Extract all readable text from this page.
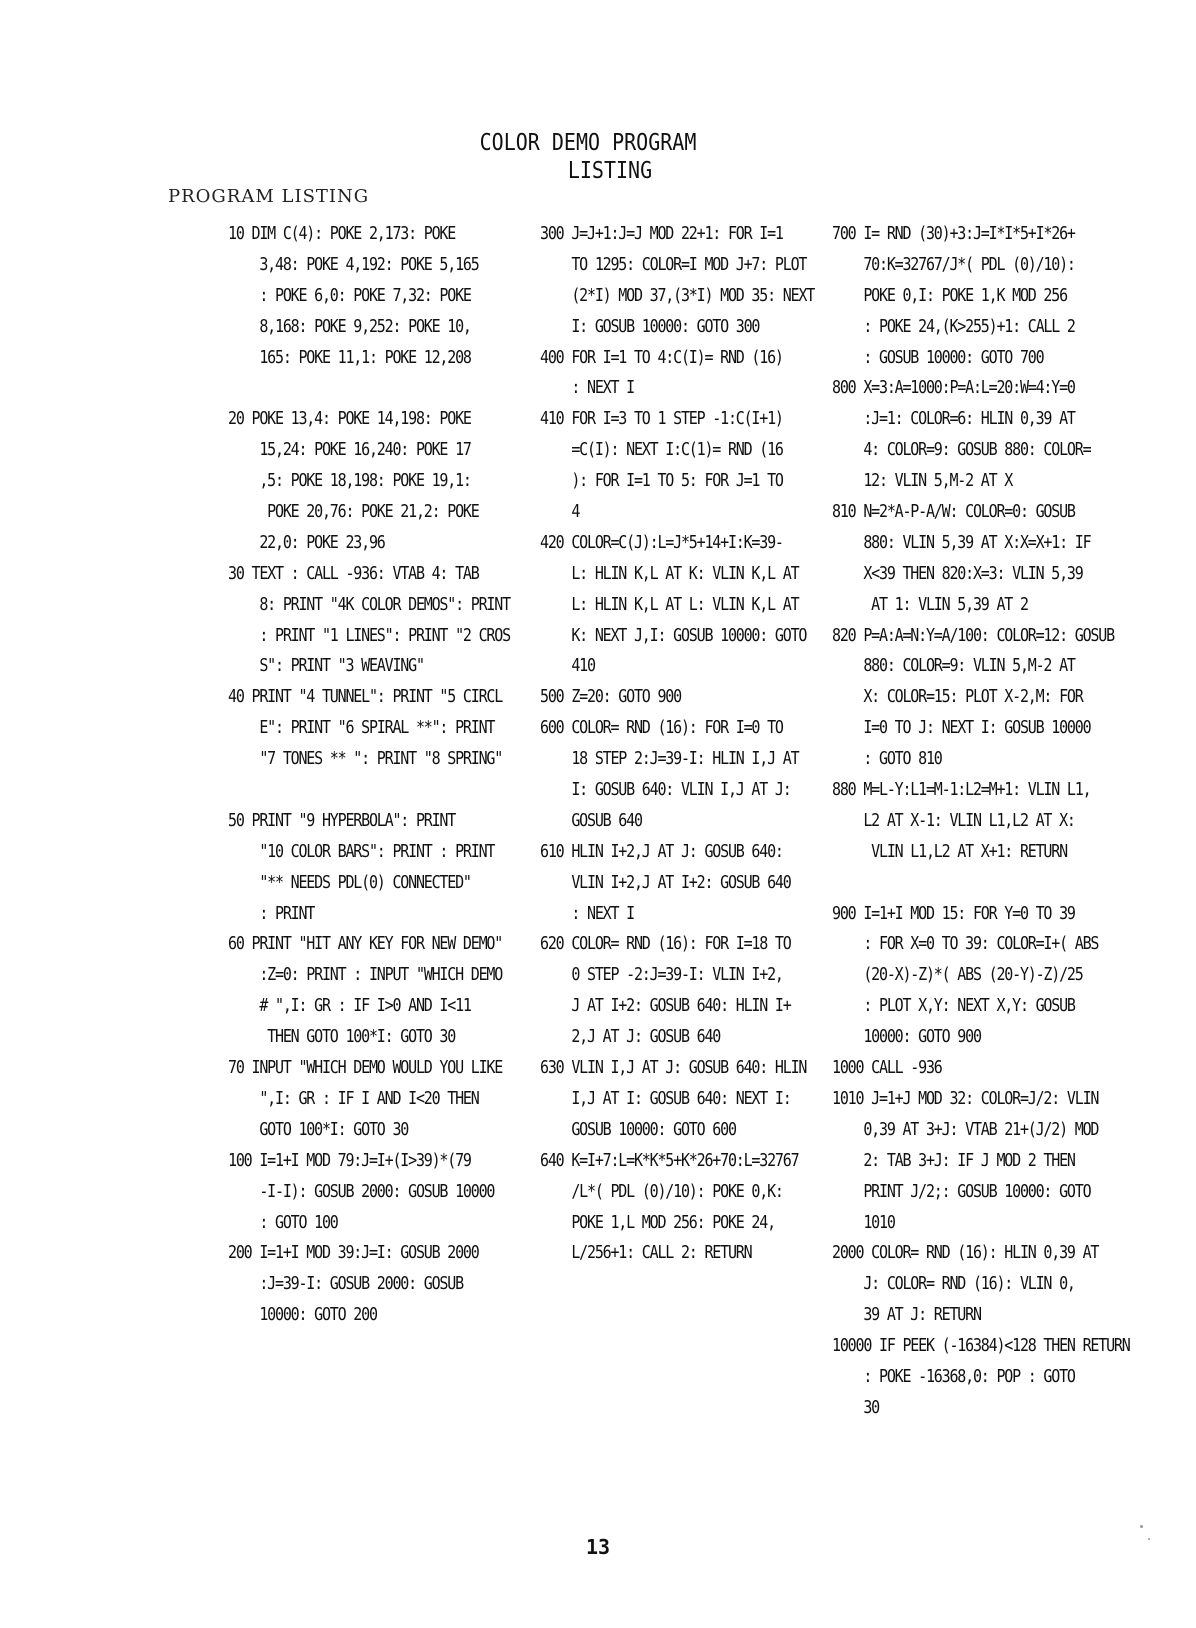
COLOR DEMO PROGRAM
LISTING
PROGRAM LISTING
10 DIM C(4): POKE 2,173: POKE
3,48: POKE 4,192: POKE 5,165
: POKE 6,0: POKE 7,32: POKE
8,168: POKE 9,252: POKE 10,
165: POKE 11,1: POKE 12,208
20 POKE 13,4: POKE 14,198: POKE
15,24: POKE 16,240: POKE 17
,5: POKE 18,198: POKE 19,1:
POKE 20,76: POKE 21,2: POKE
22,0: POKE 23,96
30 TEXT : CALL -936: VTAB 4: TAB
8: PRINT "4K COLOR DEMOS": PRINT
: PRINT "1 LINES": PRINT "2 CROS
S": PRINT "3 WEAVING"
40 PRINT "4 TUNNEL": PRINT "5 CIRCL
E": PRINT "6 SPIRAL **": PRINT
"7 TONES ** ": PRINT "8 SPRING"
50 PRINT "9 HYPERBOLA": PRINT
"10 COLOR BARS": PRINT : PRINT
"** NEEDS PDL(0) CONNECTED"
: PRINT
60 PRINT "HIT ANY KEY FOR NEW DEMO"
:Z=0: PRINT : INPUT "WHICH DEMO
# ",I: GR : IF I>0 AND I<11
THEN GOTO 100*I: GOTO 30
70 INPUT "WHICH DEMO WOULD YOU LIKE
",I: GR : IF I AND I<20 THEN
GOTO 100*I: GOTO 30
100 I=1+I MOD 79:J=I+(I>39)*(79
-I-I): GOSUB 2000: GOSUB 10000
: GOTO 100
200 I=1+I MOD 39:J=I: GOSUB 2000
:J=39-I: GOSUB 2000: GOSUB
10000: GOTO 200
300 J=J+1:J=J MOD 22+1: FOR I=1
TO 1295: COLOR=I MOD J+7: PLOT
(2*I) MOD 37,(3*I) MOD 35: NEXT
I: GOSUB 10000: GOTO 300
400 FOR I=1 TO 4:C(I)= RND (16)
: NEXT I
410 FOR I=3 TO 1 STEP -1:C(I+1)
=C(I): NEXT I:C(1)= RND (16
): FOR I=1 TO 5: FOR J=1 TO
4
420 COLOR=C(J):L=J*5+14+I:K=39-
L: HLIN K,L AT K: VLIN K,L AT
L: HLIN K,L AT L: VLIN K,L AT
K: NEXT J,I: GOSUB 10000: GOTO
410
500 Z=20: GOTO 900
600 COLOR= RND (16): FOR I=0 TO
18 STEP 2:J=39-I: HLIN I,J AT
I: GOSUB 640: VLIN I,J AT J:
GOSUB 640
610 HLIN I+2,J AT J: GOSUB 640:
VLIN I+2,J AT I+2: GOSUB 640
: NEXT I
620 COLOR= RND (16): FOR I=18 TO
0 STEP -2:J=39-I: VLIN I+2,
J AT I+2: GOSUB 640: HLIN I+
2,J AT J: GOSUB 640
630 VLIN I,J AT J: GOSUB 640: HLIN
I,J AT I: GOSUB 640: NEXT I:
GOSUB 10000: GOTO 600
640 K=I+7:L=K*K*5+K*26+70:L=32767
/L*( PDL (0)/10): POKE 0,K:
POKE 1,L MOD 256: POKE 24,
L/256+1: CALL 2: RETURN
700 I= RND (30)+3:J=I*I*5+I*26+
70:K=32767/J*( PDL (0)/10):
POKE 0,I: POKE 1,K MOD 256
: POKE 24,(K>255)+1: CALL 2
: GOSUB 10000: GOTO 700
800 X=3:A=1000:P=A:L=20:W=4:Y=0
:J=1: COLOR=6: HLIN 0,39 AT
4: COLOR=9: GOSUB 880: COLOR=
12: VLIN 5,M-2 AT X
810 N=2*A-P-A/W: COLOR=0: GOSUB
880: VLIN 5,39 AT X:X=X+1: IF
X<39 THEN 820:X=3: VLIN 5,39
AT 1: VLIN 5,39 AT 2
820 P=A:A=N:Y=A/100: COLOR=12: GOSUB
880: COLOR=9: VLIN 5,M-2 AT
X: COLOR=15: PLOT X-2,M: FOR
I=0 TO J: NEXT I: GOSUB 10000
: GOTO 810
880 M=L-Y:L1=M-1:L2=M+1: VLIN L1,
L2 AT X-1: VLIN L1,L2 AT X:
VLIN L1,L2 AT X+1: RETURN
900 I=1+I MOD 15: FOR Y=0 TO 39
: FOR X=0 TO 39: COLOR=I+( ABS
(20-X)-Z)*( ABS (20-Y)-Z)/25
: PLOT X,Y: NEXT X,Y: GOSUB
10000: GOTO 900
1000 CALL -936
1010 J=1+J MOD 32: COLOR=J/2: VLIN
0,39 AT 3+J: VTAB 21+(J/2) MOD
2: TAB 3+J: IF J MOD 2 THEN
PRINT J/2;: GOSUB 10000: GOTO
1010
2000 COLOR= RND (16): HLIN 0,39 AT
J: COLOR= RND (16): VLIN 0,
39 AT J: RETURN
10000 IF PEEK (-16384)<128 THEN RETURN
: POKE -16368,0: POP : GOTO
30
13
